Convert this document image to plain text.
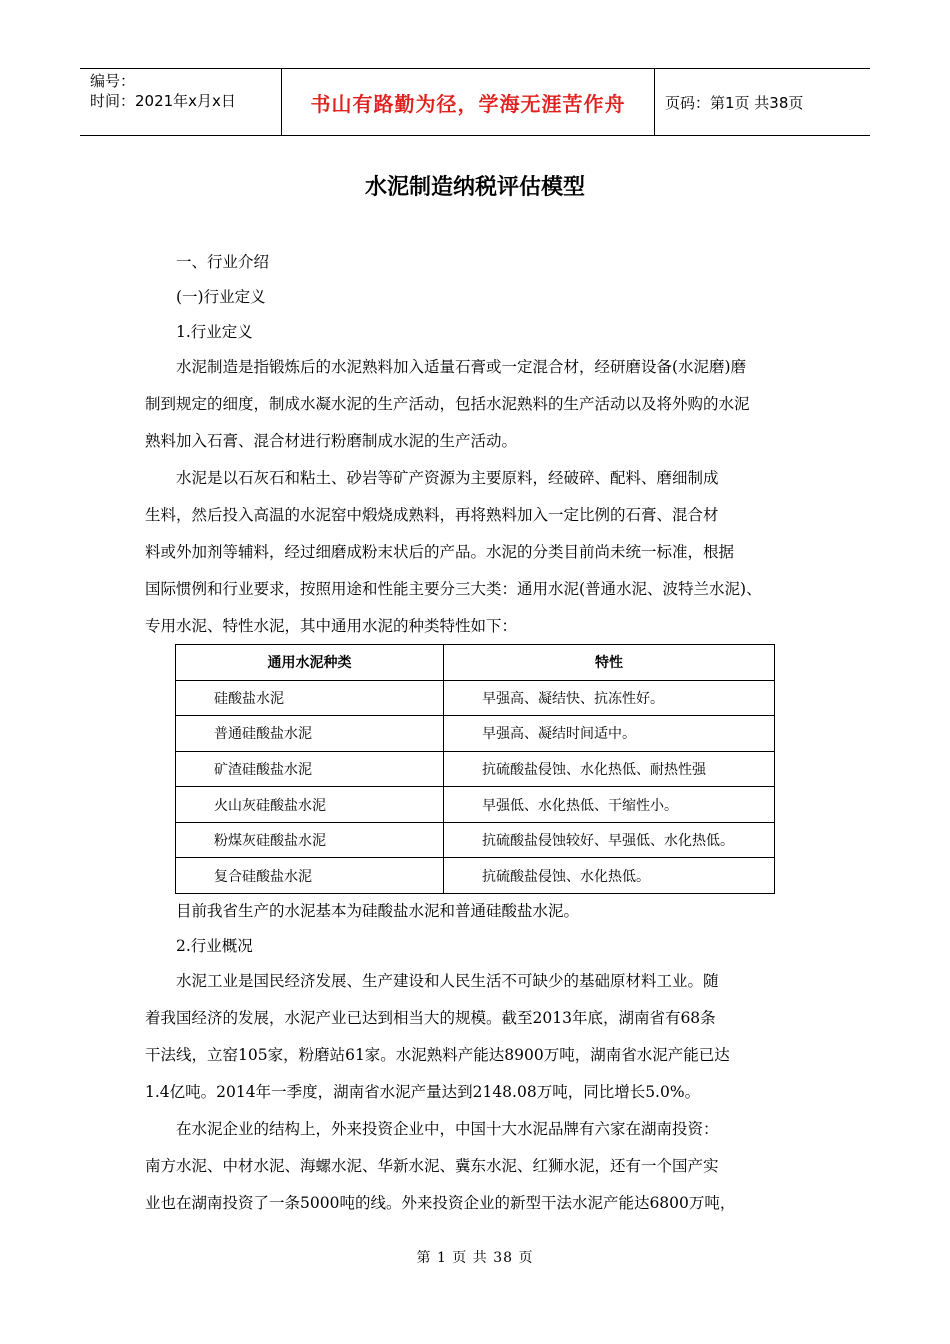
编号：
时间：2021年x月x日	书山有路勤为径，学海无涯苦作舟	页码：第1页 共38页
水泥制造纳税评估模型
一、行业介绍
(一)行业定义
1.行业定义
水泥制造是指锻炼后的水泥熟料加入适量石膏或一定混合材，经研磨设备(水泥磨)磨
制到规定的细度，制成水凝水泥的生产活动，包括水泥熟料的生产活动以及将外购的水泥
熟料加入石膏、混合材进行粉磨制成水泥的生产活动。
水泥是以石灰石和粘土、砂岩等矿产资源为主要原料，经破碎、配料、磨细制成
生料，然后投入高温的水泥窑中煅烧成熟料，再将熟料加入一定比例的石膏、混合材
料或外加剂等辅料，经过细磨成粉末状后的产品。水泥的分类目前尚未统一标准，根据
国际惯例和行业要求，按照用途和性能主要分三大类：通用水泥(普通水泥、波特兰水泥)、
专用水泥、特性水泥，其中通用水泥的种类特性如下：
通用水泥种类	特性
硅酸盐水泥	早强高、凝结快、抗冻性好。
普通硅酸盐水泥	早强高、凝结时间适中。
矿渣硅酸盐水泥	抗硫酸盐侵蚀、水化热低、耐热性强
火山灰硅酸盐水泥	早强低、水化热低、干缩性小。
粉煤灰硅酸盐水泥	抗硫酸盐侵蚀较好、早强低、水化热低。
复合硅酸盐水泥	抗硫酸盐侵蚀、水化热低。
目前我省生产的水泥基本为硅酸盐水泥和普通硅酸盐水泥。
2.行业概况
水泥工业是国民经济发展、生产建设和人民生活不可缺少的基础原材料工业。随
着我国经济的发展，水泥产业已达到相当大的规模。截至2013年底，湖南省有68条
干法线，立窑105家，粉磨站61家。水泥熟料产能达8900万吨，湖南省水泥产能已达
1.4亿吨。2014年一季度，湖南省水泥产量达到2148.08万吨，同比增长5.0%。
在水泥企业的结构上，外来投资企业中，中国十大水泥品牌有六家在湖南投资：
南方水泥、中材水泥、海螺水泥、华新水泥、冀东水泥、红狮水泥，还有一个国产实
业也在湖南投资了一条5000吨的线。外来投资企业的新型干法水泥产能达6800万吨，
第 1 页 共 38 页
